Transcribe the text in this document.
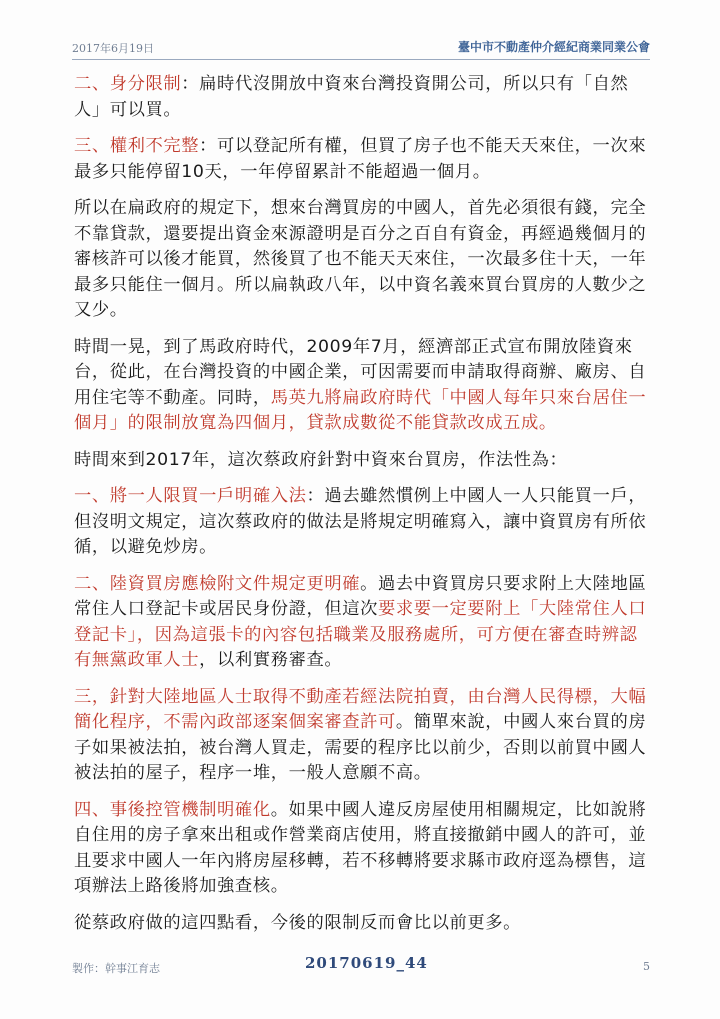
2017年6月19日	臺中市不動產仲介經紀商業同業公會

二、身分限制：扁時代沒開放中資來台灣投資開公司，所以只有「自然人」可以買。

三、權利不完整：可以登記所有權，但買了房子也不能天天來住，一次來最多只能停留10天，一年停留累計不能超過一個月。

所以在扁政府的規定下，想來台灣買房的中國人，首先必須很有錢，完全不靠貸款，還要提出資金來源證明是百分之百自有資金，再經過幾個月的審核許可以後才能買，然後買了也不能天天來住，一次最多住十天，一年最多只能住一個月。所以扁執政八年，以中資名義來買台買房的人數少之又少。

時間一晃，到了馬政府時代，2009年7月，經濟部正式宣布開放陸資來台，從此，在台灣投資的中國企業，可因需要而申請取得商辦、廠房、自用住宅等不動產。同時，馬英九將扁政府時代「中國人每年只來台居住一個月」的限制放寬為四個月，貸款成數從不能貸款改成五成。

時間來到2017年，這次蔡政府針對中資來台買房，作法性為：

一、將一人限買一戶明確入法：過去雖然慣例上中國人一人只能買一戶，但沒明文規定，這次蔡政府的做法是將規定明確寫入，讓中資買房有所依循，以避免炒房。

二、陸資買房應檢附文件規定更明確。過去中資買房只要求附上大陸地區常住人口登記卡或居民身份證，但這次要求要一定要附上「大陸常住人口登記卡」，因為這張卡的內容包括職業及服務處所，可方便在審查時辨認有無黨政軍人士，以利實務審查。

三，針對大陸地區人士取得不動產若經法院拍賣，由台灣人民得標，大幅簡化程序，不需內政部逐案個案審查許可。簡單來說，中國人來台買的房子如果被法拍，被台灣人買走，需要的程序比以前少，否則以前買中國人被法拍的屋子，程序一堆，一般人意願不高。

四、事後控管機制明確化。如果中國人違反房屋使用相關規定，比如說將自住用的房子拿來出租或作營業商店使用，將直接撤銷中國人的許可，並且要求中國人一年內將房屋移轉，若不移轉將要求縣市政府逕為標售，這項辦法上路後將加強查核。

從蔡政府做的這四點看，今後的限制反而會比以前更多。

製作：幹事江育志	20170619_44	5
